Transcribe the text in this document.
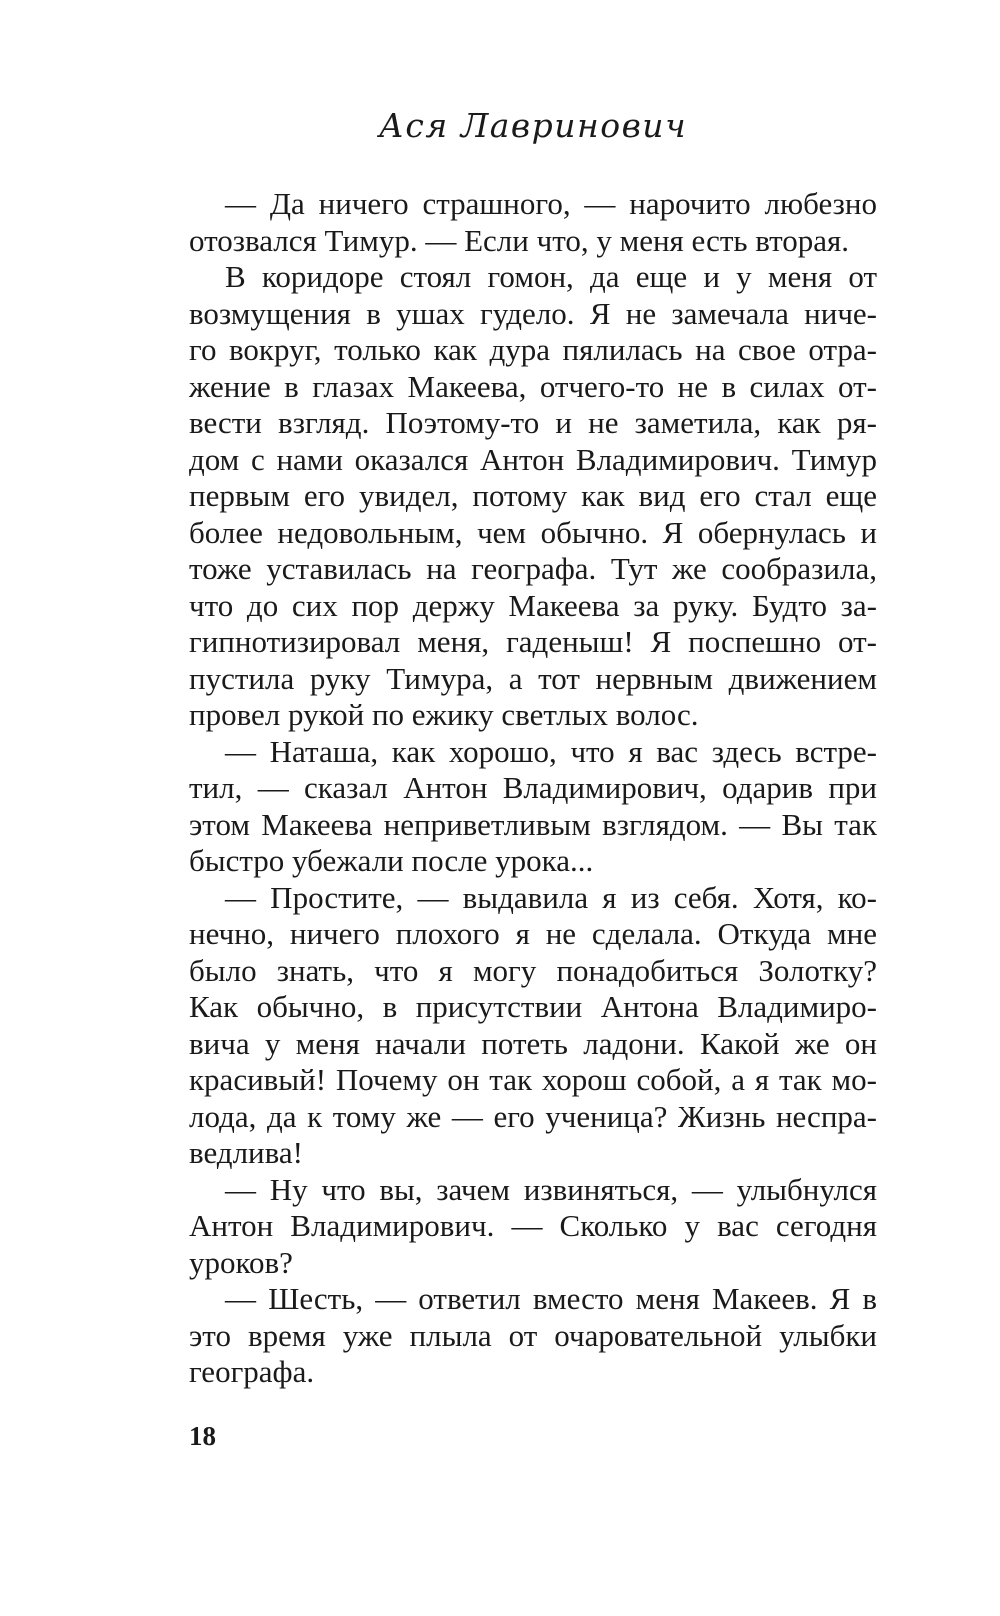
Ася Лавринович
— Да ничего страшного, — нарочито любезно
отозвался Тимур. — Если что, у меня есть вторая.
В коридоре стоял гомон, да еще и у меня от
возмущения в ушах гудело. Я не замечала ниче-
го вокруг, только как дура пялилась на свое отра-
жение в глазах Макеева, отчего-то не в силах от-
вести взгляд. Поэтому-то и не заметила, как ря-
дом с нами оказался Антон Владимирович. Тимур
первым его увидел, потому как вид его стал еще
более недовольным, чем обычно. Я обернулась и
тоже уставилась на географа. Тут же сообразила,
что до сих пор держу Макеева за руку. Будто за-
гипнотизировал меня, гаденыш! Я поспешно от-
пустила руку Тимура, а тот нервным движением
провел рукой по ежику светлых волос.
— Наташа, как хорошо, что я вас здесь встре-
тил, — сказал Антон Владимирович, одарив при
этом Макеева неприветливым взглядом. — Вы так
быстро убежали после урока...
— Простите, — выдавила я из себя. Хотя, ко-
нечно, ничего плохого я не сделала. Откуда мне
было знать, что я могу понадобиться Золотку?
Как обычно, в присутствии Антона Владимиро-
вича у меня начали потеть ладони. Какой же он
красивый! Почему он так хорош собой, а я так мо-
лода, да к тому же — его ученица? Жизнь неспра-
ведлива!
— Ну что вы, зачем извиняться, — улыбнулся
Антон Владимирович. — Сколько у вас сегодня
уроков?
— Шесть, — ответил вместо меня Макеев. Я в
это время уже плыла от очаровательной улыбки
географа.
18
